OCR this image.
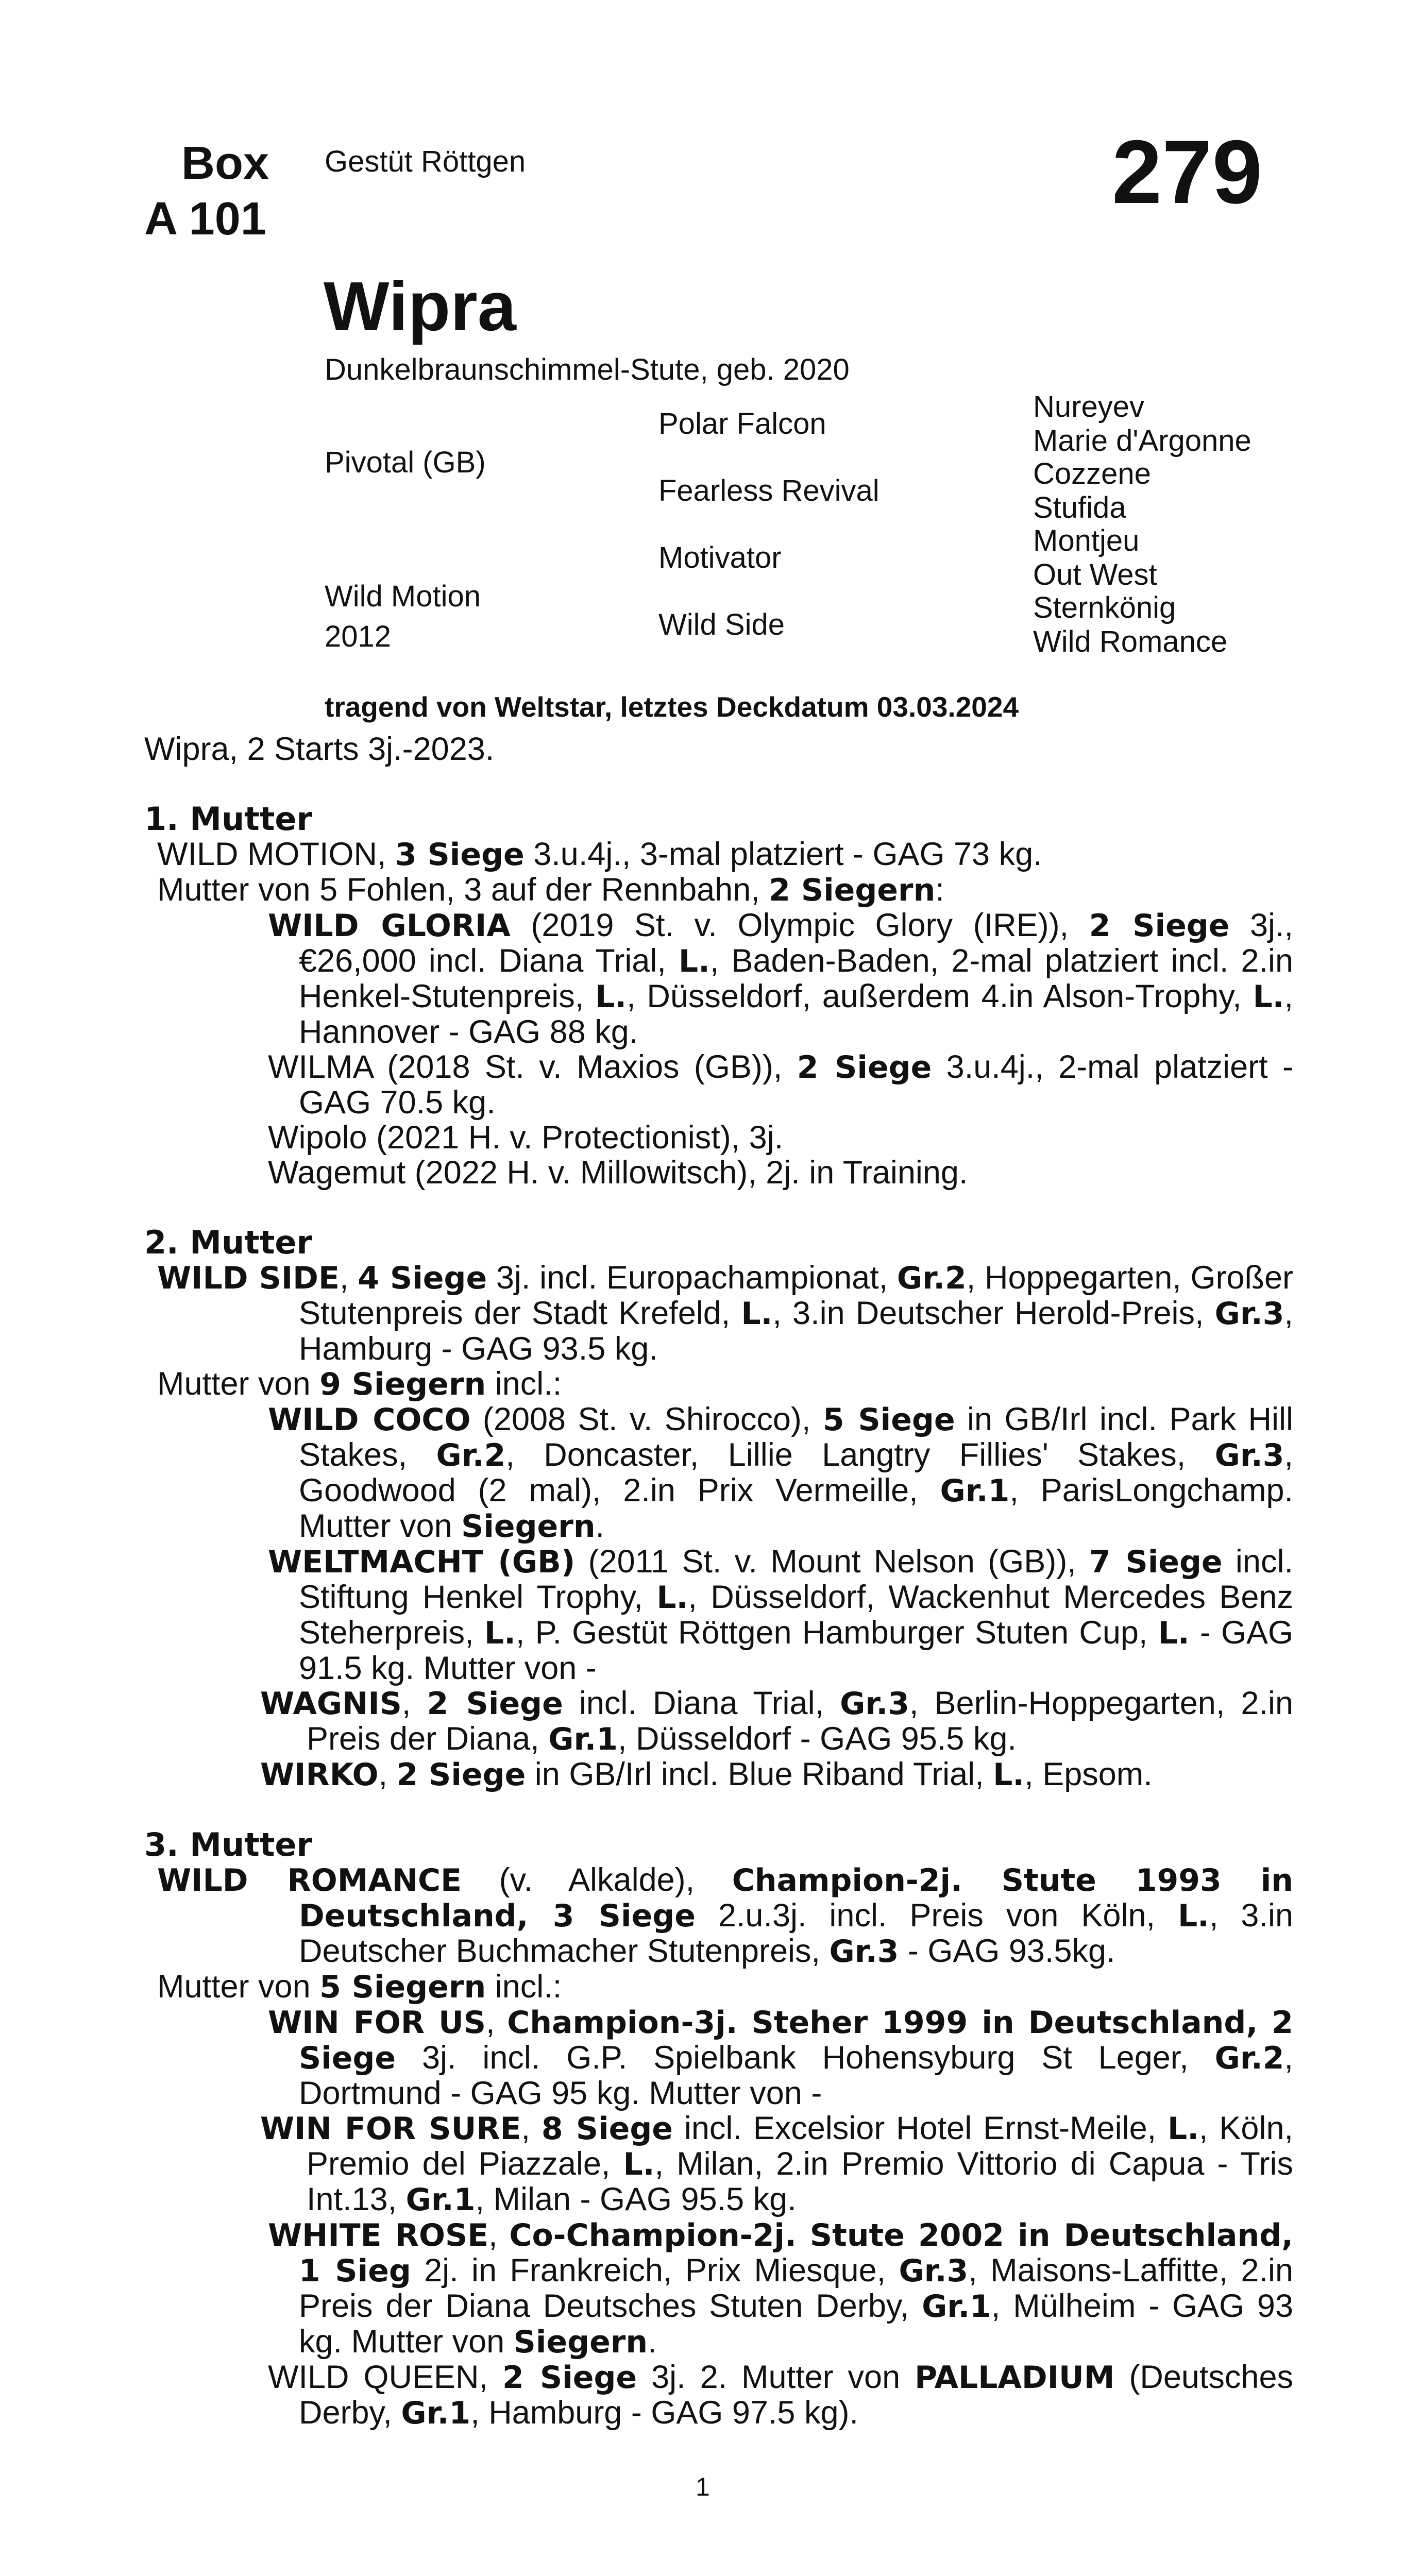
Box
A 101
Gestüt Röttgen	279
Wipra
Dunkelbraunschimmel-Stute, geb. 2020
Pivotal (GB)
Wild Motion
2012
Polar Falcon
Fearless Revival
Motivator
Wild Side
Nureyev
Marie d'Argonne
Cozzene
Stufida
Montjeu
Out West
Sternkönig
Wild Romance
tragend von Weltstar, letztes Deckdatum 03.03.2024

Wipra, 2 Starts 3j.-2023.

1. Mutter

WILD MOTION, 3 Siege 3.u.4j., 3-mal platziert - GAG 73 kg.

Mutter von 5 Fohlen, 3 auf der Rennbahn, 2 Siegern:

WILD GLORIA (2019 St. v. Olympic Glory (IRE)), 2 Siege 3j., €26,000 incl. Diana Trial, L., Baden-Baden, 2-mal platziert incl. 2.in Henkel-Stutenpreis, L., Düsseldorf, außerdem 4.in Alson-Trophy, L., Hannover - GAG 88 kg.

WILMA (2018 St. v. Maxios (GB)), 2 Siege 3.u.4j., 2-mal platziert - GAG 70.5 kg.

Wipolo (2021 H. v. Protectionist), 3j.

Wagemut (2022 H. v. Millowitsch), 2j. in Training.

2. Mutter

WILD SIDE, 4 Siege 3j. incl. Europachampionat, Gr.2, Hoppegarten, Großer Stutenpreis der Stadt Krefeld, L., 3.in Deutscher Herold-Preis, Gr.3, Hamburg - GAG 93.5 kg.

Mutter von 9 Siegern incl.:

WILD COCO (2008 St. v. Shirocco), 5 Siege in GB/Irl incl. Park Hill Stakes, Gr.2, Doncaster, Lillie Langtry Fillies' Stakes, Gr.3, Goodwood (2 mal), 2.in Prix Vermeille, Gr.1, ParisLongchamp. Mutter von Siegern.

WELTMACHT (GB) (2011 St. v. Mount Nelson (GB)), 7 Siege incl. Stiftung Henkel Trophy, L., Düsseldorf, Wackenhut Mercedes Benz Steherpreis, L., P. Gestüt Röttgen Hamburger Stuten Cup, L. - GAG 91.5 kg. Mutter von -

WAGNIS, 2 Siege incl. Diana Trial, Gr.3, Berlin-Hoppegarten, 2.in Preis der Diana, Gr.1, Düsseldorf - GAG 95.5 kg.

WIRKO, 2 Siege in GB/Irl incl. Blue Riband Trial, L., Epsom.

3. Mutter

WILD ROMANCE (v. Alkalde), Champion-2j. Stute 1993 in Deutschland, 3 Siege 2.u.3j. incl. Preis von Köln, L., 3.in Deutscher Buchmacher Stutenpreis, Gr.3 - GAG 93.5kg.

Mutter von 5 Siegern incl.:

WIN FOR US, Champion-3j. Steher 1999 in Deutschland, 2 Siege 3j. incl. G.P. Spielbank Hohensyburg St Leger, Gr.2, Dortmund - GAG 95 kg. Mutter von -

WIN FOR SURE, 8 Siege incl. Excelsior Hotel Ernst-Meile, L., Köln, Premio del Piazzale, L., Milan, 2.in Premio Vittorio di Capua - Tris Int.13, Gr.1, Milan - GAG 95.5 kg.

WHITE ROSE, Co-Champion-2j. Stute 2002 in Deutschland, 1 Sieg 2j. in Frankreich, Prix Miesque, Gr.3, Maisons-Laffitte, 2.in Preis der Diana Deutsches Stuten Derby, Gr.1, Mülheim - GAG 93 kg. Mutter von Siegern.

WILD QUEEN, 2 Siege 3j. 2. Mutter von PALLADIUM (Deutsches Derby, Gr.1, Hamburg - GAG 97.5 kg).

1
